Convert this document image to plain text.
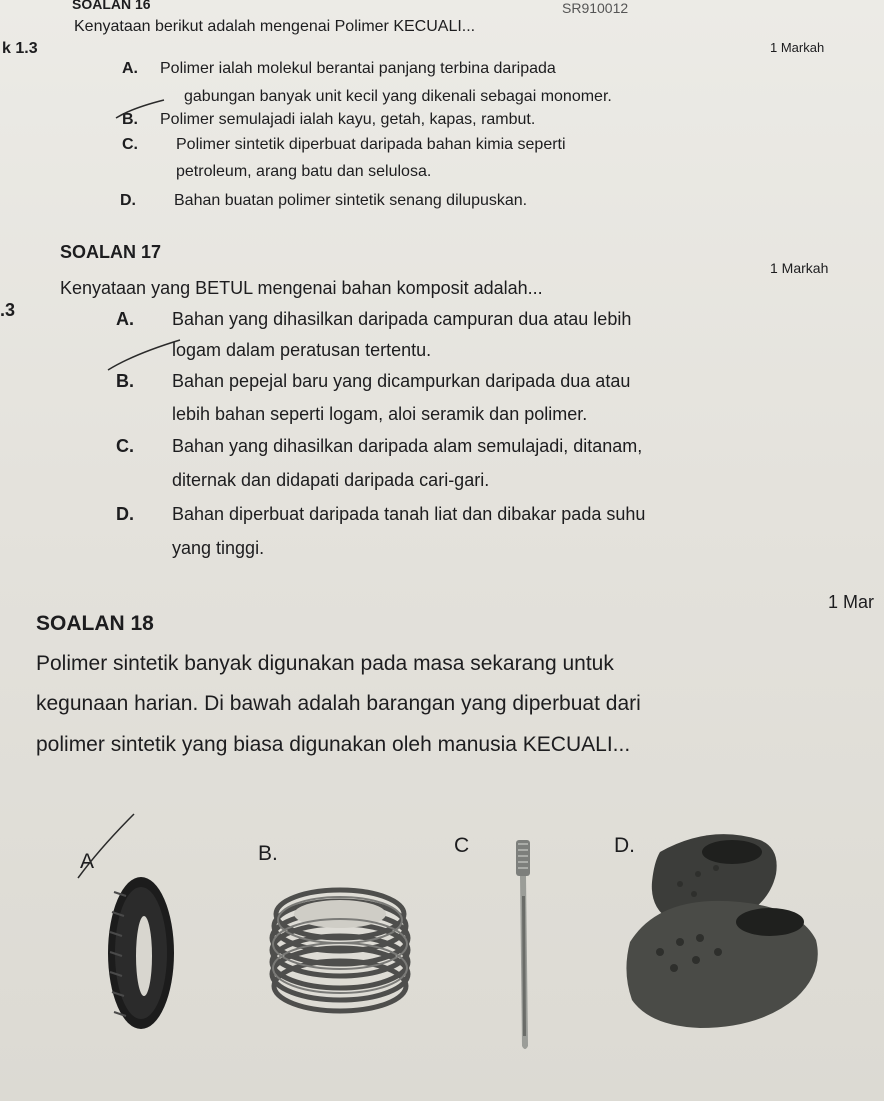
SOALAN 16	SR910012
k 1.3
Kenyataan berikut adalah mengenai Polimer KECUALI...
1 Markah
A. Polimer ialah molekul berantai panjang terbina daripada
gabungan banyak unit kecil yang dikenali sebagai monomer.
B. Polimer semulajadi ialah kayu, getah, kapas, rambut.
C. Polimer sintetik diperbuat daripada bahan kimia seperti
petroleum, arang batu dan selulosa.
D. Bahan buatan polimer sintetik senang dilupuskan.
SOALAN 17
1 Markah
Kenyataan yang BETUL mengenai bahan komposit adalah...
.3	A. Bahan yang dihasilkan daripada campuran dua atau lebih
logam dalam peratusan tertentu.
B. Bahan pepejal baru yang dicampurkan daripada dua atau
lebih bahan seperti logam, aloi seramik dan polimer.
C. Bahan yang dihasilkan daripada alam semulajadi, ditanam,
diternak dan didapati daripada cari-gari.
D. Bahan diperbuat daripada tanah liat dan dibakar pada suhu
yang tinggi.
SOALAN 18
1 Mar
Polimer sintetik banyak digunakan pada masa sekarang untuk
kegunaan harian. Di bawah adalah barangan yang diperbuat dari
polimer sintetik yang biasa digunakan oleh manusia KECUALI...
A	B.	C	D.
